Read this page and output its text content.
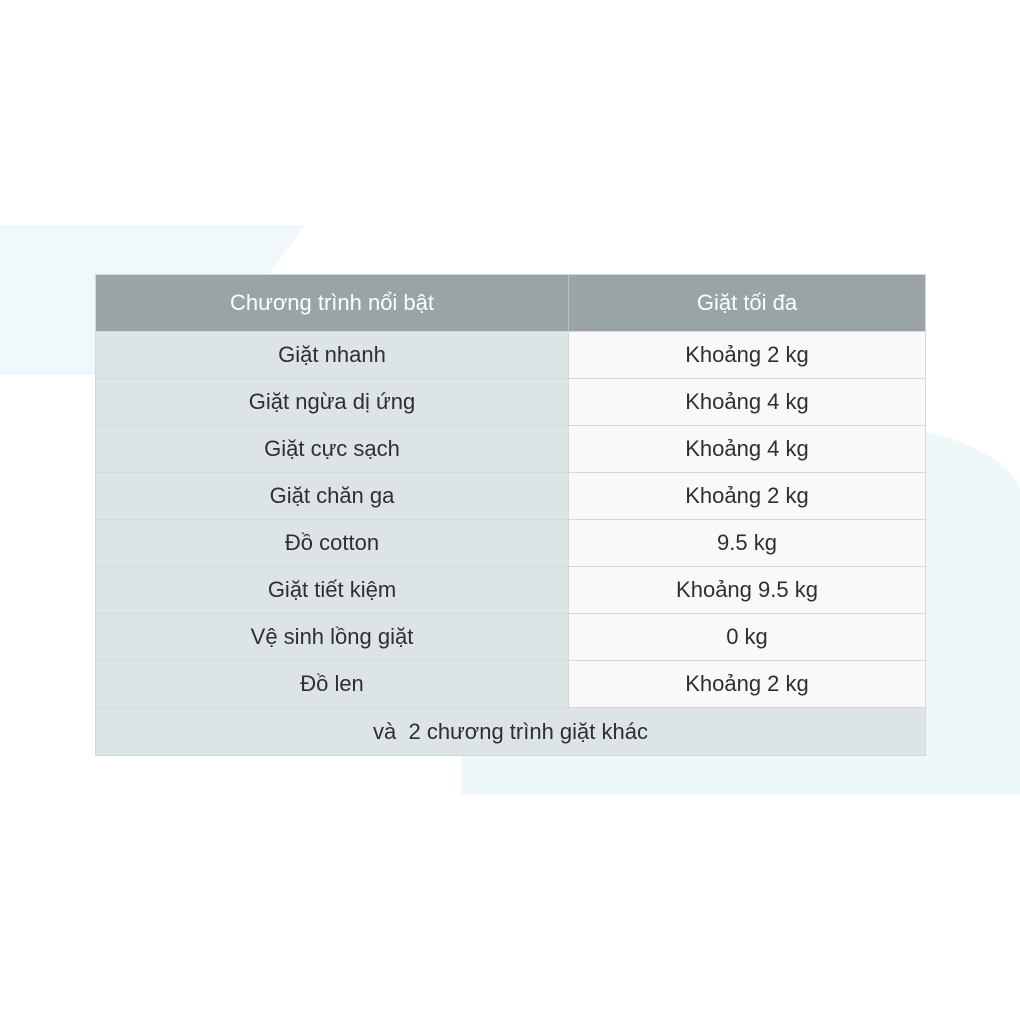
Chương trình nổi bật	Giặt tối đa
Giặt nhanh	Khoảng 2 kg
Giặt ngừa dị ứng	Khoảng 4 kg
Giặt cực sạch	Khoảng 4 kg
Giặt chăn ga	Khoảng 2 kg
Đồ cotton	9.5 kg
Giặt tiết kiệm	Khoảng 9.5 kg
Vệ sinh lồng giặt	0 kg
Đồ len	Khoảng 2 kg
và  2 chương trình giặt khác
